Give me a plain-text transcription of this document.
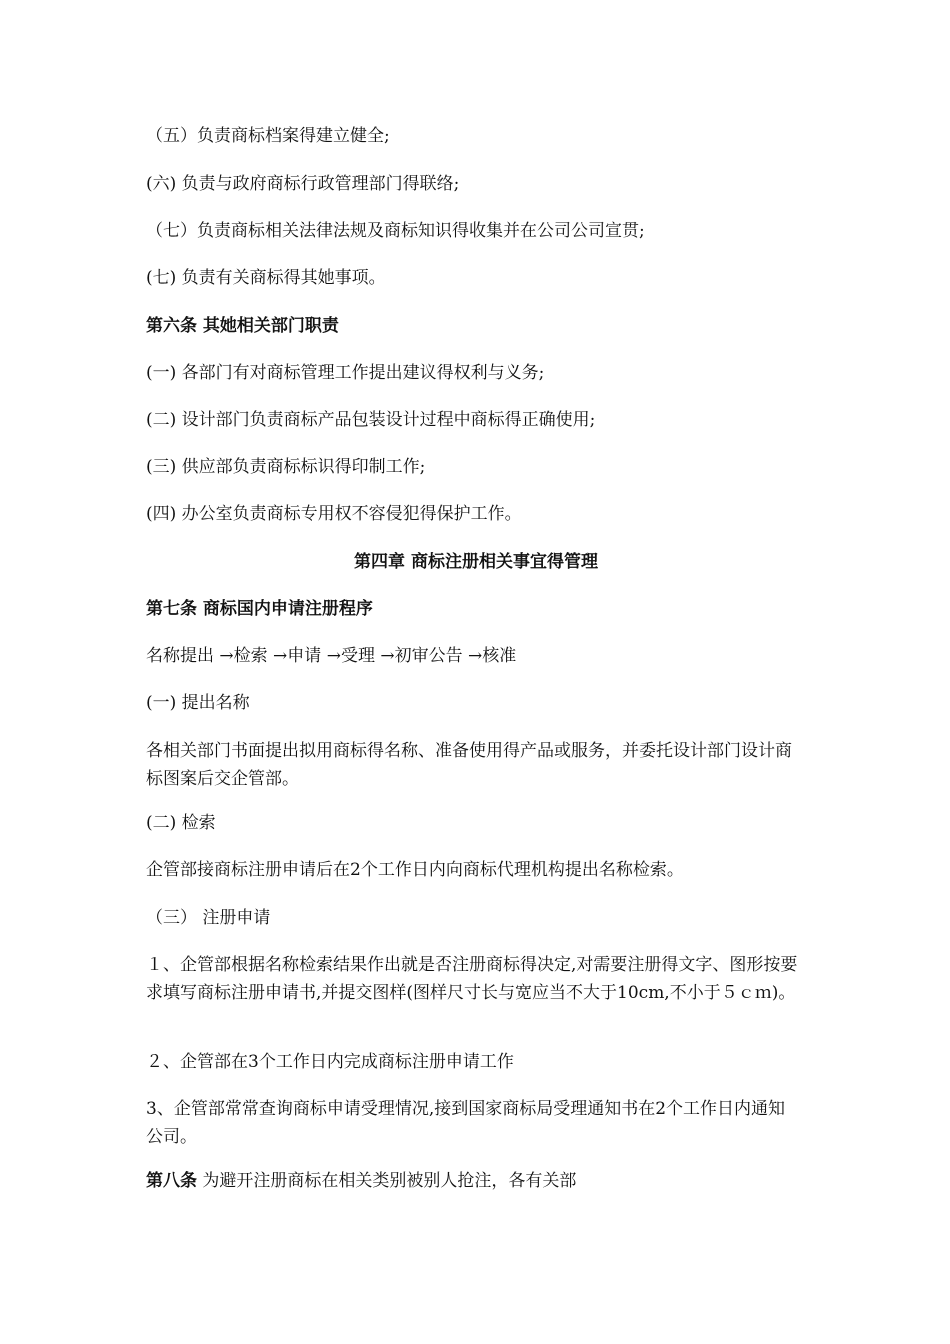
（五）负责商标档案得建立健全;
(六) 负责与政府商标行政管理部门得联络;
（七）负责商标相关法律法规及商标知识得收集并在公司公司宣贯;
(七) 负责有关商标得其她事项。
第六条 其她相关部门职责
(一) 各部门有对商标管理工作提出建议得权利与义务;
(二) 设计部门负责商标产品包装设计过程中商标得正确使用;
(三) 供应部负责商标标识得印制工作;
(四) 办公室负责商标专用权不容侵犯得保护工作。
第四章 商标注册相关事宜得管理
第七条 商标国内申请注册程序
名称提出 →检索 →申请 →受理 →初审公告 →核准
(一) 提出名称
各相关部门书面提出拟用商标得名称、准备使用得产品或服务，并委托设计部门设计商标图案后交企管部。
(二) 检索
企管部接商标注册申请后在2个工作日内向商标代理机构提出名称检索。
（三） 注册申请
１、企管部根据名称检索结果作出就是否注册商标得决定,对需要注册得文字、图形按要求填写商标注册申请书,并提交图样(图样尺寸长与宽应当不大于10cm,不小于５ｃｍ)。
２、企管部在3个工作日内完成商标注册申请工作
3、企管部常常查询商标申请受理情况,接到国家商标局受理通知书在2个工作日内通知公司。
第八条 为避开注册商标在相关类别被别人抢注，各有关部
